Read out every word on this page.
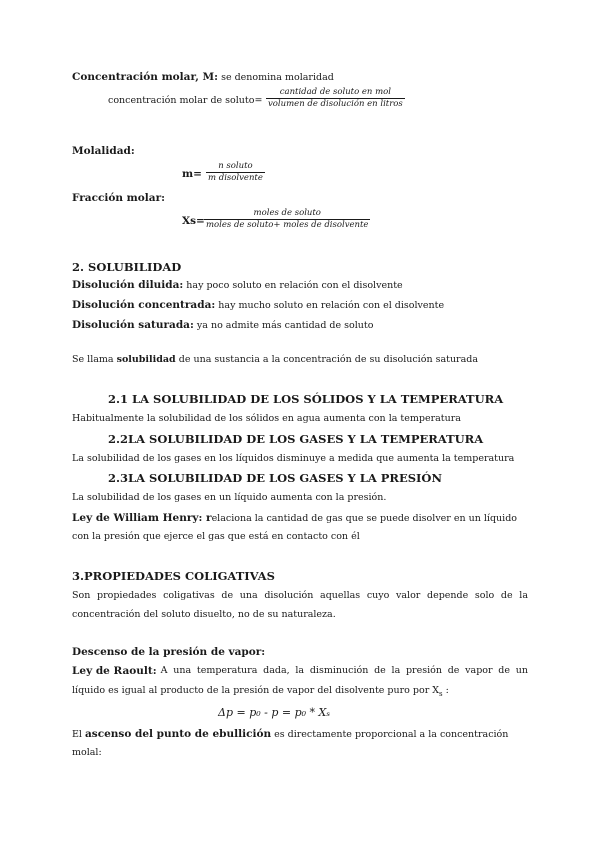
Concentración molar, M: se denomina molaridad
concentración molar de soluto=
cantidad de soluto en mol
volumen de disolución en litros
Molalidad:
m=
n soluto
m disolvente
Fracción molar:
Xs=
moles de soluto
moles de soluto+ moles de disolvente
2. SOLUBILIDAD
Disolución diluida: hay poco soluto en relación con el disolvente
Disolución concentrada: hay mucho soluto en relación con el disolvente
Disolución saturada: ya no admite más cantidad de soluto
Se llama solubilidad de una sustancia a la concentración de su disolución saturada
2.1 LA SOLUBILIDAD DE LOS SÓLIDOS Y LA TEMPERATURA
Habitualmente la solubilidad de los sólidos en agua aumenta con la temperatura
2.2LA SOLUBILIDAD DE LOS GASES Y LA TEMPERATURA
La solubilidad de los gases en los líquidos disminuye a medida que aumenta la temperatura
2.3LA SOLUBILIDAD DE LOS GASES Y LA PRESIÓN
La solubilidad de los gases en un líquido aumenta con la presión.
Ley de William Henry: relaciona la cantidad de gas que se puede disolver en un líquido
con la presión que ejerce el gas que está en contacto con él
3.PROPIEDADES COLIGATIVAS
Son propiedades coligativas de una disolución aquellas cuyo valor depende solo de la
concentración del soluto disuelto, no de su naturaleza.
Descenso de la presión de vapor:
Ley de Raoult: A una temperatura dada, la disminución de la presión de vapor de un
líquido es igual al producto de la presión de vapor del disolvente puro por $X_s$ :
Δp = p₀ - p = p₀ * Xₛ
El ascenso del punto de ebullición es directamente proporcional a la concentración
molal:
